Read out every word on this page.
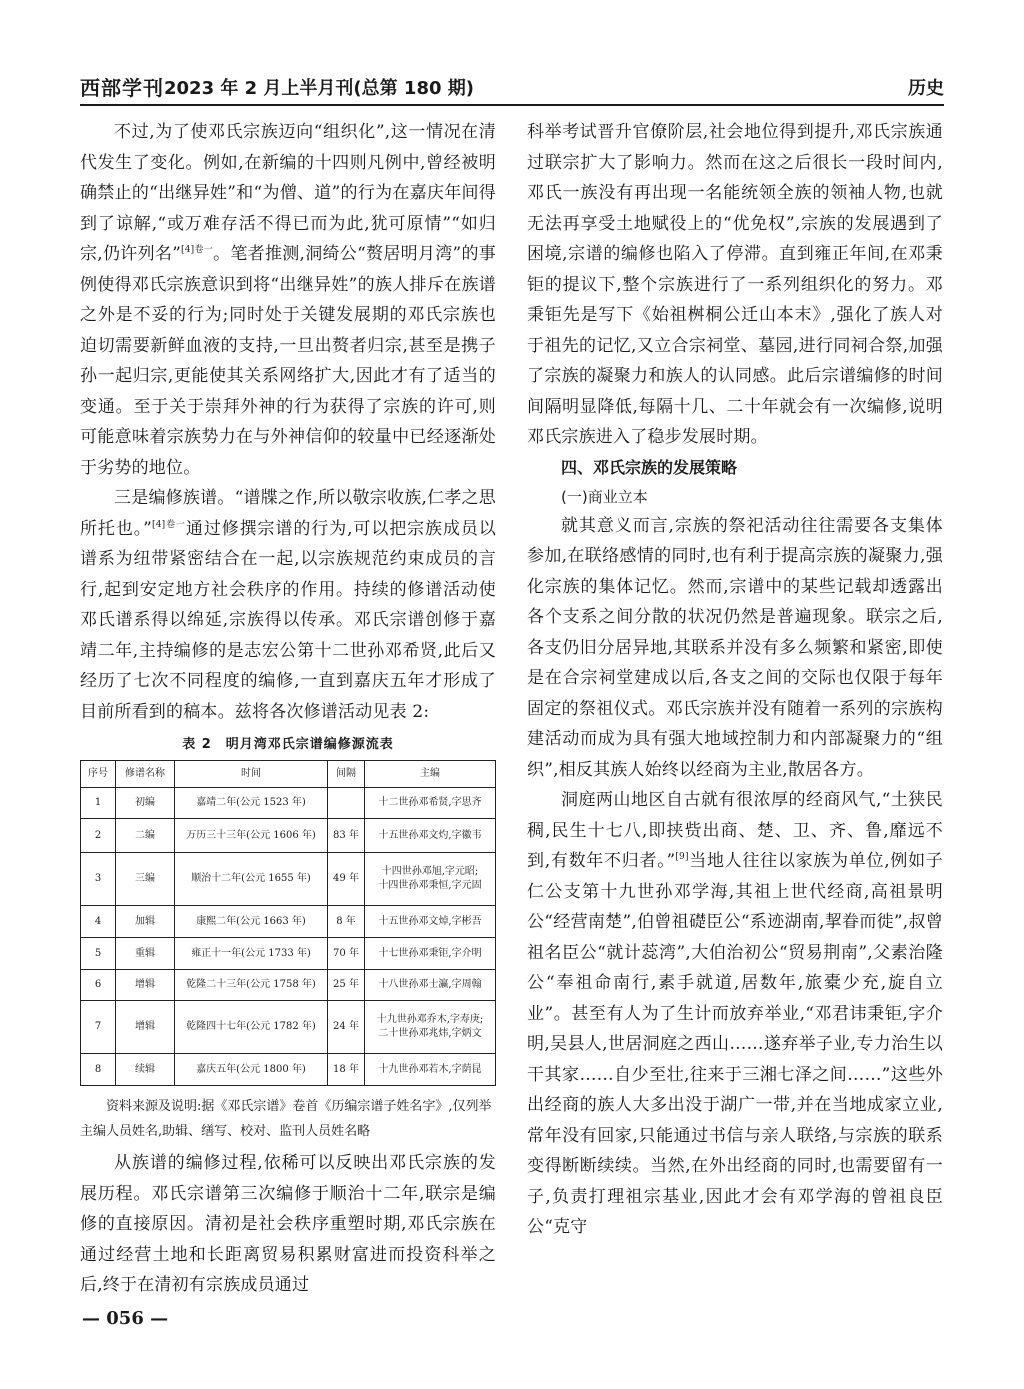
西部学刊 2023 年 2 月上半月刊(总第 180 期)	历史

不过,为了使邓氏宗族迈向“组织化”,这一情况在清代发生了变化。例如,在新编的十四则凡例中,曾经被明确禁止的“出继异姓”和“为僧、道”的行为在嘉庆年间得到了谅解,“或万难存活不得已而为此,犹可原情”“如归宗,仍许列名”$^{[4]卷一}$。笔者推测,洞绮公“赘居明月湾”的事例使得邓氏宗族意识到将“出继异姓”的族人排斥在族谱之外是不妥的行为;同时处于关键发展期的邓氏宗族也迫切需要新鲜血液的支持,一旦出赘者归宗,甚至是携子孙一起归宗,更能使其关系网络扩大,因此才有了适当的变通。至于关于崇拜外神的行为获得了宗族的许可,则可能意味着宗族势力在与外神信仰的较量中已经逐渐处于劣势的地位。

三是编修族谱。“谱牒之作,所以敬宗收族,仁孝之思所托也。”$^{[4]卷一}$通过修撰宗谱的行为,可以把宗族成员以谱系为纽带紧密结合在一起,以宗族规范约束成员的言行,起到安定地方社会秩序的作用。持续的修谱活动使邓氏谱系得以绵延,宗族得以传承。邓氏宗谱创修于嘉靖二年,主持编修的是志宏公第十二世孙邓希贤,此后又经历了七次不同程度的编修,一直到嘉庆五年才形成了目前所看到的稿本。兹将各次修谱活动见表 2:

表 2　明月湾邓氏宗谱编修源流表
序号	修谱名称	时间	间隔	主编
1	初编	嘉靖二年(公元 1523 年)		十二世孙邓希贤,字思齐

2	二编	万历三十三年(公元 1606 年)	83 年	十五世孙邓文灼,字徽韦

3	三编	顺治十二年(公元 1655 年)	49 年	十四世孙邓旭,字元昭;
十四世孙邓秉恒,字元固

4	加辑	康熙二年(公元 1663 年)	8 年	十五世孙邓文焯,字彬吾

5	重辑	雍正十一年(公元 1733 年)	70 年	十七世孙邓秉钜,字介明

6	增辑	乾隆二十三年(公元 1758 年)	25 年	十八世孙邓士瀛,字周翰

7	增辑	乾隆四十七年(公元 1782 年)	24 年	十九世孙邓乔木,字寿庚;
二十世孙邓兆炜,字炳文

8	续辑	嘉庆五年(公元 1800 年)	18 年	十九世孙邓若木,字荫昆
资料来源及说明:据《邓氏宗谱》卷首《历编宗谱子姓名字》,仅列举主编人员姓名,助辑、缮写、校对、监刊人员姓名略

从族谱的编修过程,依稀可以反映出邓氏宗族的发展历程。邓氏宗谱第三次编修于顺治十二年,联宗是编修的直接原因。清初是社会秩序重塑时期,邓氏宗族在通过经营土地和长距离贸易积累财富进而投资科举之后,终于在清初有宗族成员通过

科举考试晋升官僚阶层,社会地位得到提升,邓氏宗族通过联宗扩大了影响力。然而在这之后很长一段时间内,邓氏一族没有再出现一名能统领全族的领袖人物,也就无法再享受土地赋役上的“优免权”,宗族的发展遇到了困境,宗谱的编修也陷入了停滞。直到雍正年间,在邓秉钜的提议下,整个宗族进行了一系列组织化的努力。邓秉钜先是写下《始祖桝桐公迁山本末》,强化了族人对于祖先的记忆,又立合宗祠堂、墓园,进行同祠合祭,加强了宗族的凝聚力和族人的认同感。此后宗谱编修的时间间隔明显降低,每隔十几、二十年就会有一次编修,说明邓氏宗族进入了稳步发展时期。

四、邓氏宗族的发展策略
(一)商业立本

就其意义而言,宗族的祭祀活动往往需要各支集体参加,在联络感情的同时,也有利于提高宗族的凝聚力,强化宗族的集体记忆。然而,宗谱中的某些记载却透露出各个支系之间分散的状况仍然是普遍现象。联宗之后,各支仍旧分居异地,其联系并没有多么频繁和紧密,即使是在合宗祠堂建成以后,各支之间的交际也仅限于每年固定的祭祖仪式。邓氏宗族并没有随着一系列的宗族构建活动而成为具有强大地域控制力和内部凝聚力的“组织”,相反其族人始终以经商为主业,散居各方。

洞庭两山地区自古就有很浓厚的经商风气,“土狭民稠,民生十七八,即挟赀出商、楚、卫、齐、鲁,靡远不到,有数年不归者。”[9]当地人往往以家族为单位,例如子仁公支第十九世孙邓学海,其祖上世代经商,高祖景明公“经营南楚”,伯曾祖礎臣公“系迹湖南,挈眷而徙”,叔曾祖名臣公“就计蕊湾”,大伯治初公“贸易荆南”,父素治隆公“奉祖命南行,素手就道,居数年,旅橐少充,旋自立业”。甚至有人为了生计而放弃举业,“邓君讳秉钜,字介明,吴县人,世居洞庭之西山……遂弃举子业,专力治生以干其家……自少至壮,往来于三湘七泽之间……”这些外出经商的族人大多出没于湖广一带,并在当地成家立业,常年没有回家,只能通过书信与亲人联络,与宗族的联系变得断断续续。当然,在外出经商的同时,也需要留有一子,负责打理祖宗基业,因此才会有邓学海的曾祖良臣公“克守

— 056 —
